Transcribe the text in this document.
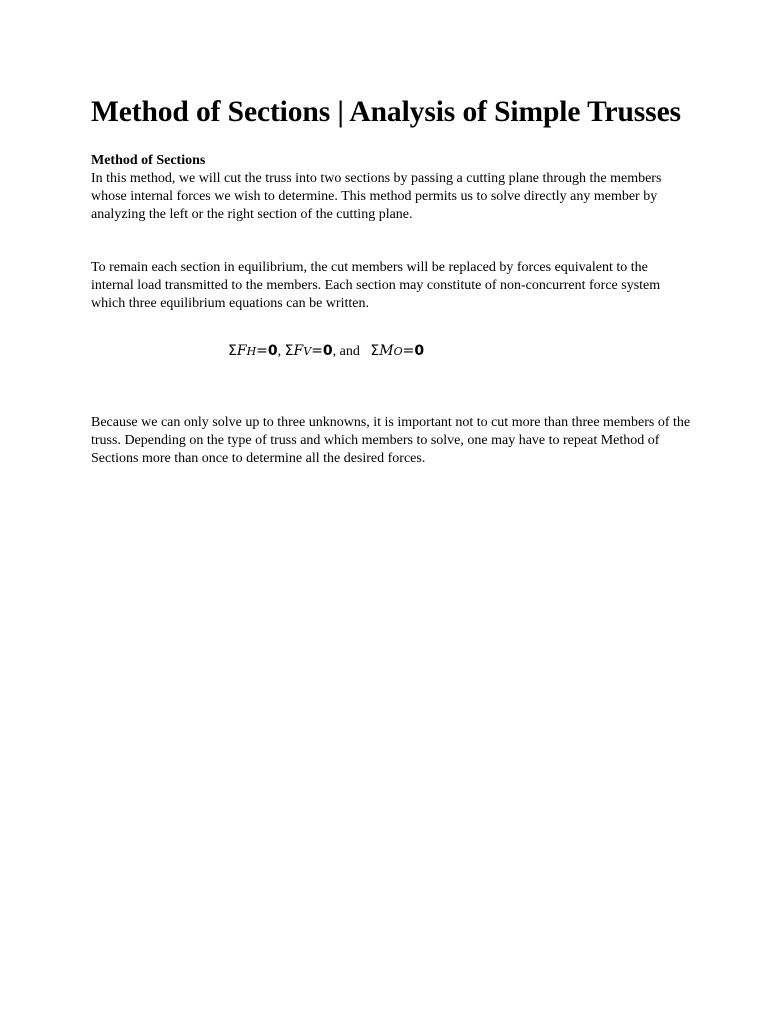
Method of Sections | Analysis of Simple Trusses
Method of Sections

In this method, we will cut the truss into two sections by passing a cutting plane through the members whose internal forces we wish to determine. This method permits us to solve directly any member by analyzing the left or the right section of the cutting plane.

To remain each section in equilibrium, the cut members will be replaced by forces equivalent to the internal load transmitted to the members. Each section may constitute of non-concurrent force system which three equilibrium equations can be written.

ΣFH=0, ΣFV=0, and ΣMO=0

Because we can only solve up to three unknowns, it is important not to cut more than three members of the truss. Depending on the type of truss and which members to solve, one may have to repeat Method of Sections more than once to determine all the desired forces.
